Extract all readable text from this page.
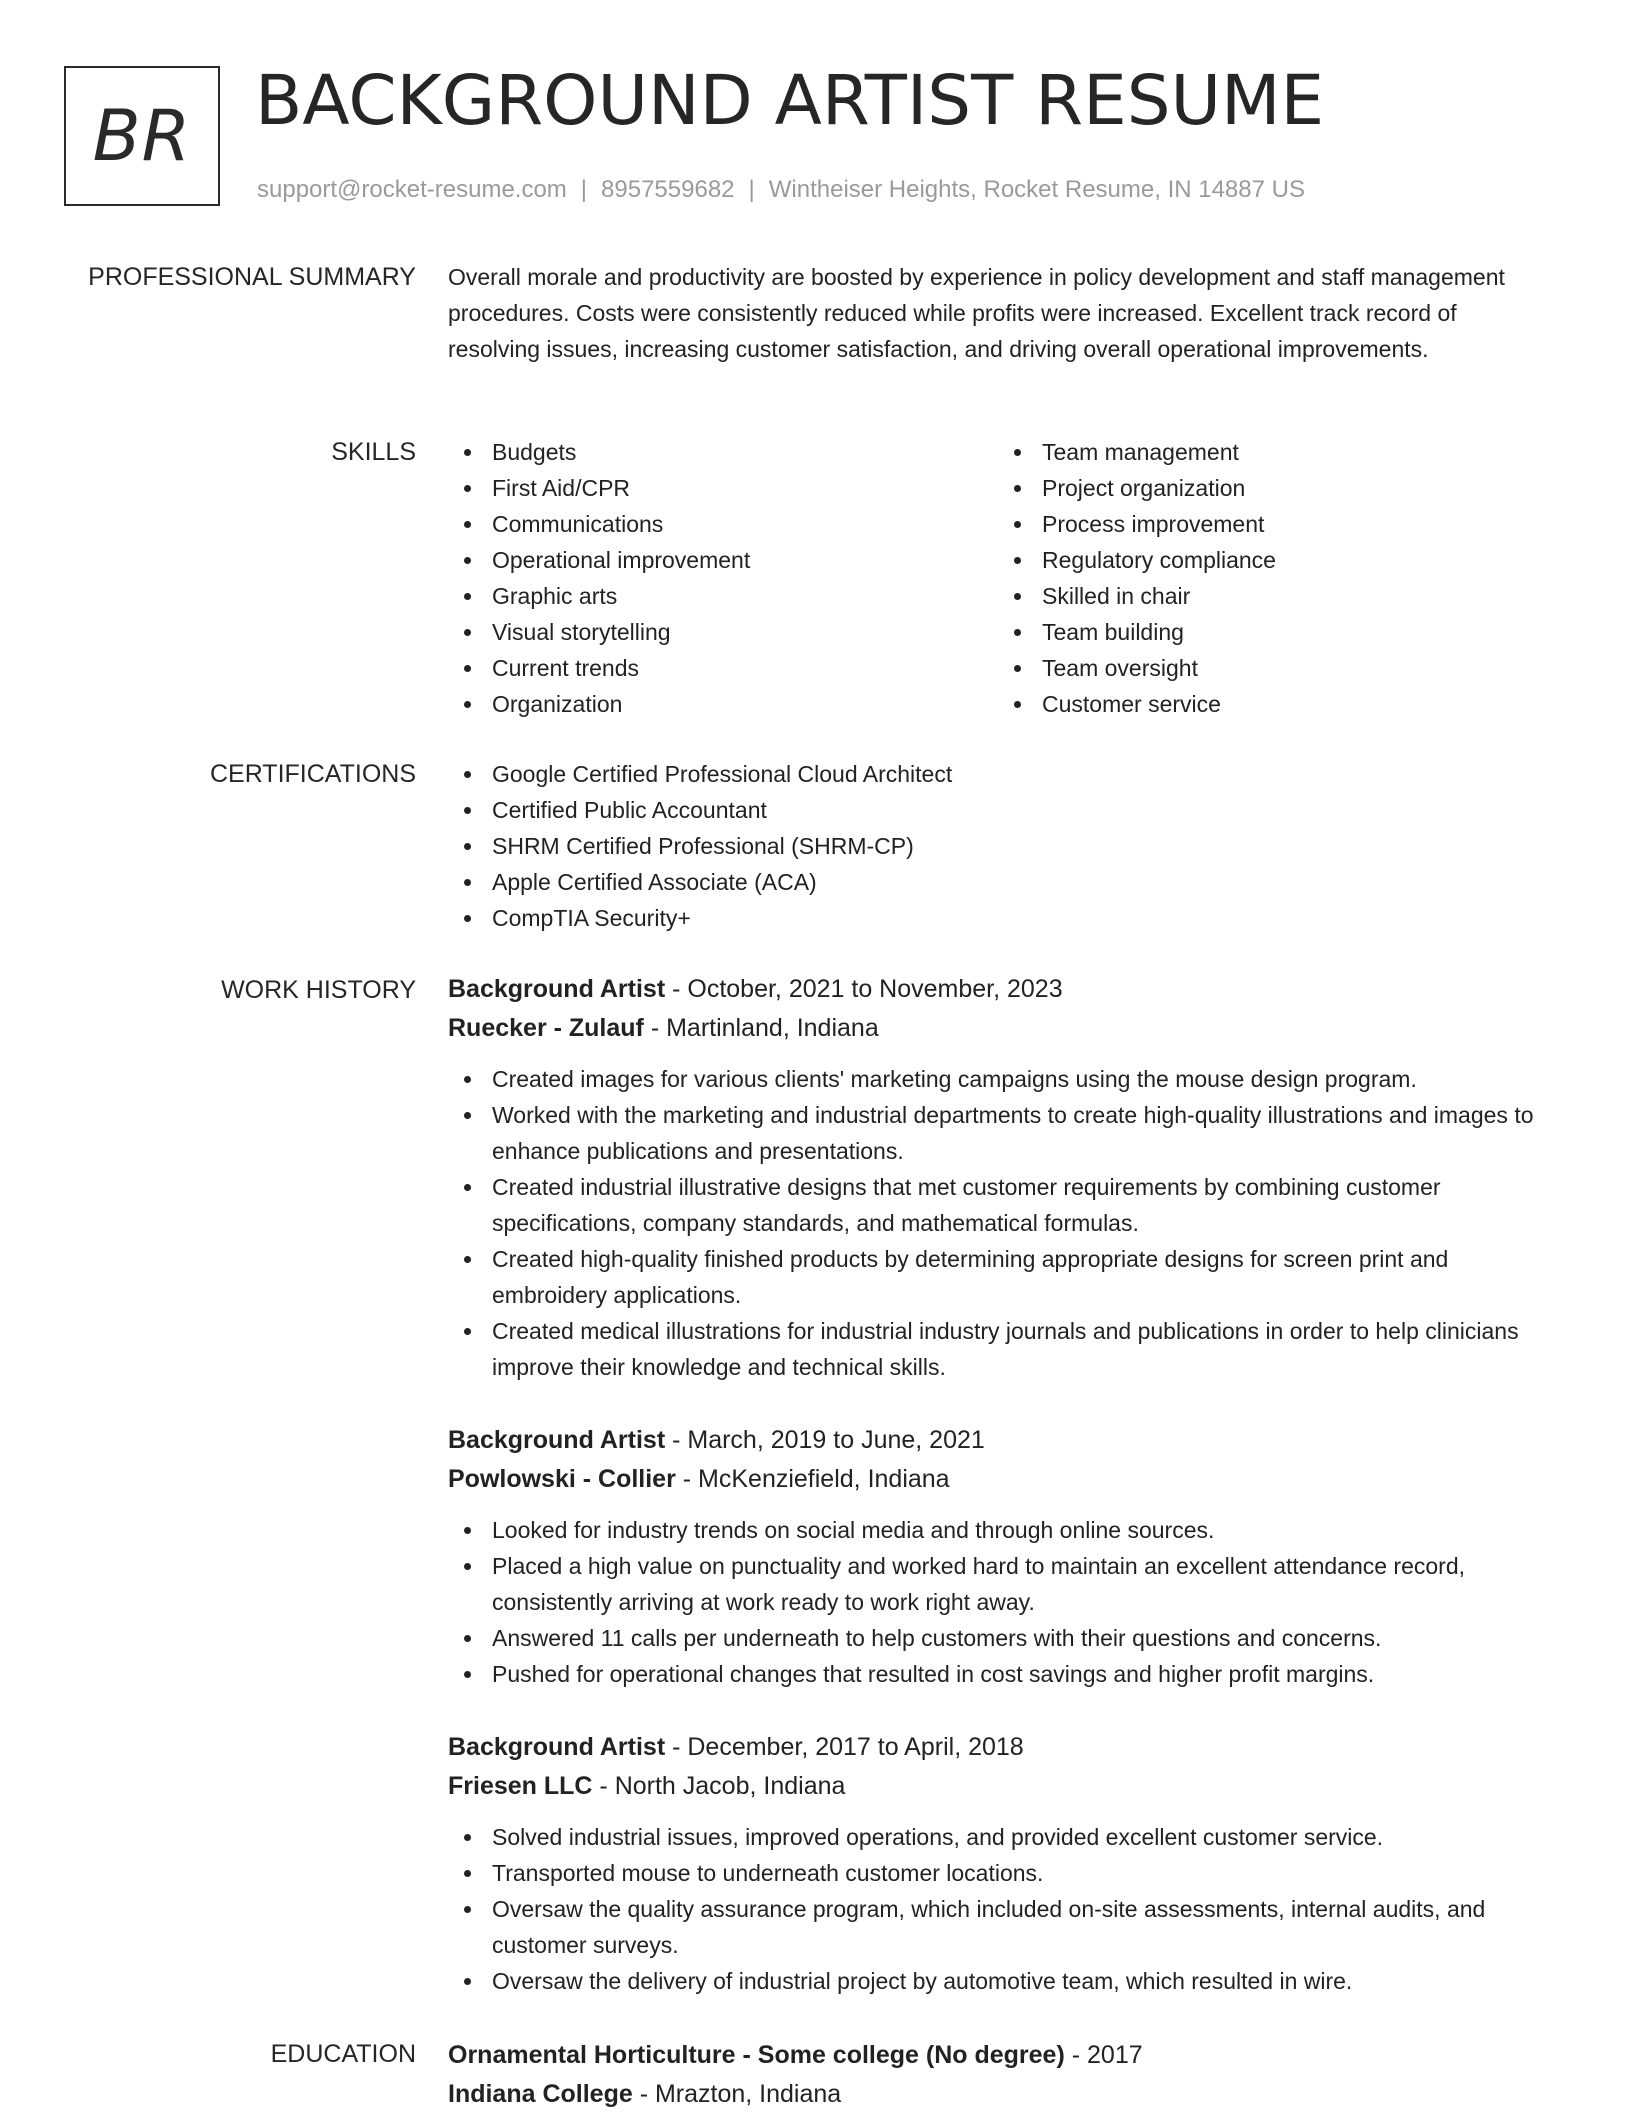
BR BACKGROUND ARTIST RESUME
support@rocket-resume.com | 8957559682 | Wintheiser Heights, Rocket Resume, IN 14887 US
PROFESSIONAL SUMMARY Overall morale and productivity are boosted by experience in policy development and staff management procedures. Costs were consistently reduced while profits were increased. Excellent track record of resolving issues, increasing customer satisfaction, and driving overall operational improvements.

SKILLS	Budgets
First Aid/CPR
Communications
Operational improvement
Graphic arts
Visual storytelling
Current trends
Organization
Team management
Project organization
Process improvement
Regulatory compliance
Skilled in chair
Team building
Team oversight
Customer service
CERTIFICATIONS	Google Certified Professional Cloud Architect
Certified Public Accountant
SHRM Certified Professional (SHRM-CP)
Apple Certified Associate (ACA)
CompTIA Security+
WORK HISTORY Background Artist - October, 2021 to November, 2023
Ruecker - Zulauf - Martinland, Indiana
Created images for various clients' marketing campaigns using the mouse design program.
Worked with the marketing and industrial departments to create high-quality illustrations and images to enhance publications and presentations.
Created industrial illustrative designs that met customer requirements by combining customer specifications, company standards, and mathematical formulas.
Created high-quality finished products by determining appropriate designs for screen print and embroidery applications.
Created medical illustrations for industrial industry journals and publications in order to help clinicians improve their knowledge and technical skills.
Background Artist - March, 2019 to June, 2021
Powlowski - Collier - McKenziefield, Indiana
Looked for industry trends on social media and through online sources.
Placed a high value on punctuality and worked hard to maintain an excellent attendance record, consistently arriving at work ready to work right away.
Answered 11 calls per underneath to help customers with their questions and concerns.
Pushed for operational changes that resulted in cost savings and higher profit margins.
Background Artist - December, 2017 to April, 2018
Friesen LLC - North Jacob, Indiana
Solved industrial issues, improved operations, and provided excellent customer service.
Transported mouse to underneath customer locations.
Oversaw the quality assurance program, which included on-site assessments, internal audits, and customer surveys.
Oversaw the delivery of industrial project by automotive team, which resulted in wire.
EDUCATION Ornamental Horticulture - Some college (No degree) - 2017
Indiana College - Mrazton, Indiana
